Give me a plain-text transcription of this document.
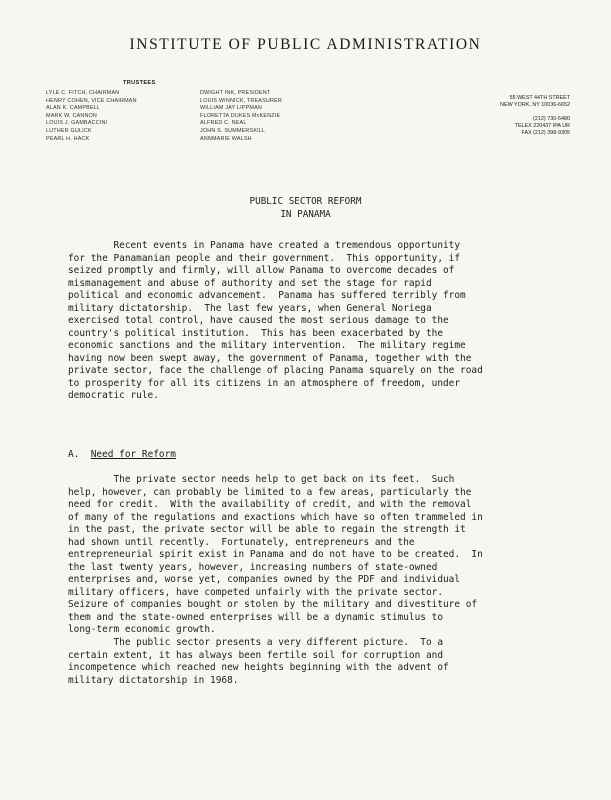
INSTITUTE OF PUBLIC ADMINISTRATION
TRUSTEES
LYLE C. FITCH, CHAIRMAN
HENRY COHEN, VICE CHAIRMAN
ALAN K. CAMPBELL
MARK W. CANNON
LOUIS J. GAMBACCINI
LUTHER GULICK
PEARL H. HACK
DWIGHT INK, PRESIDENT
LOUIS WINNICK, TREASURER
WILLIAM JAY LIPPMAN
FLORETTA DUKES McKENZIE
ALFRED C. NEAL
JOHN S. SUMMERSKILL
ANNMARIE WALSH
55 WEST 44TH STREET
NEW YORK, NY 10036-6652
(212) 730-5480
TELEX 220437 IPA UR
FAX (212) 398-9305
PUBLIC SECTOR REFORM
IN PANAMA
Recent events in Panama have created a tremendous opportunity
for the Panamanian people and their government.  This opportunity, if
seized promptly and firmly, will allow Panama to overcome decades of
mismanagement and abuse of authority and set the stage for rapid
political and economic advancement.  Panama has suffered terribly from
military dictatorship.  The last few years, when General Noriega
exercised total control, have caused the most serious damage to the
country's political institution.  This has been exacerbated by the
economic sanctions and the military intervention.  The military regime
having now been swept away, the government of Panama, together with the
private sector, face the challenge of placing Panama squarely on the road
to prosperity for all its citizens in an atmosphere of freedom, under
democratic rule.
A. Need for Reform
The private sector needs help to get back on its feet.  Such
help, however, can probably be limited to a few areas, particularly the
need for credit.  With the availability of credit, and with the removal
of many of the regulations and exactions which have so often trammeled in
in the past, the private sector will be able to regain the strength it
had shown until recently.  Fortunately, entrepreneurs and the
entrepreneurial spirit exist in Panama and do not have to be created.  In
the last twenty years, however, increasing numbers of state-owned
enterprises and, worse yet, companies owned by the PDF and individual
military officers, have competed unfairly with the private sector.
Seizure of companies bought or stolen by the military and divestiture of
them and the state-owned enterprises will be a dynamic stimulus to
long-term economic growth.
The public sector presents a very different picture.  To a
certain extent, it has always been fertile soil for corruption and
incompetence which reached new heights beginning with the advent of
military dictatorship in 1968.
